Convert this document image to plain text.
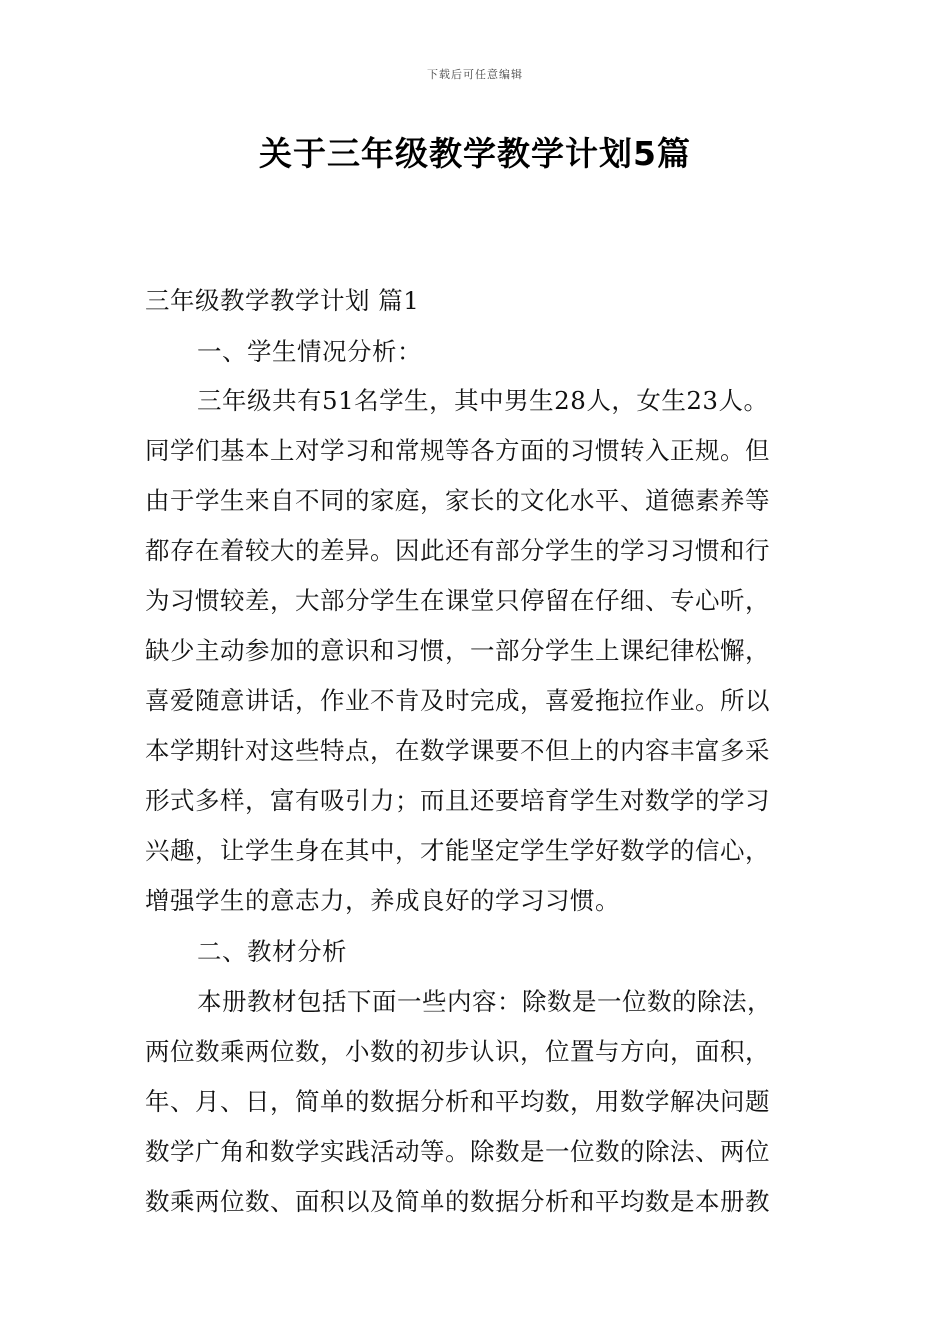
下载后可任意编辑
关于三年级教学教学计划5篇
三年级教学教学计划 篇1
一、学生情况分析：
三年级共有51名学生，其中男生28人，女生23人。
同学们基本上对学习和常规等各方面的习惯转入正规。但
由于学生来自不同的家庭，家长的文化水平、道德素养等
都存在着较大的差异。因此还有部分学生的学习习惯和行
为习惯较差，大部分学生在课堂只停留在仔细、专心听，
缺少主动参加的意识和习惯，一部分学生上课纪律松懈，
喜爱随意讲话，作业不肯及时完成，喜爱拖拉作业。所以
本学期针对这些特点，在数学课要不但上的内容丰富多采
形式多样，富有吸引力；而且还要培育学生对数学的学习
兴趣，让学生身在其中，才能坚定学生学好数学的信心，
增强学生的意志力，养成良好的学习习惯。
二、教材分析
本册教材包括下面一些内容：除数是一位数的除法，
两位数乘两位数，小数的初步认识，位置与方向，面积，
年、月、日，简单的数据分析和平均数，用数学解决问题
数学广角和数学实践活动等。除数是一位数的除法、两位
数乘两位数、面积以及简单的数据分析和平均数是本册教
